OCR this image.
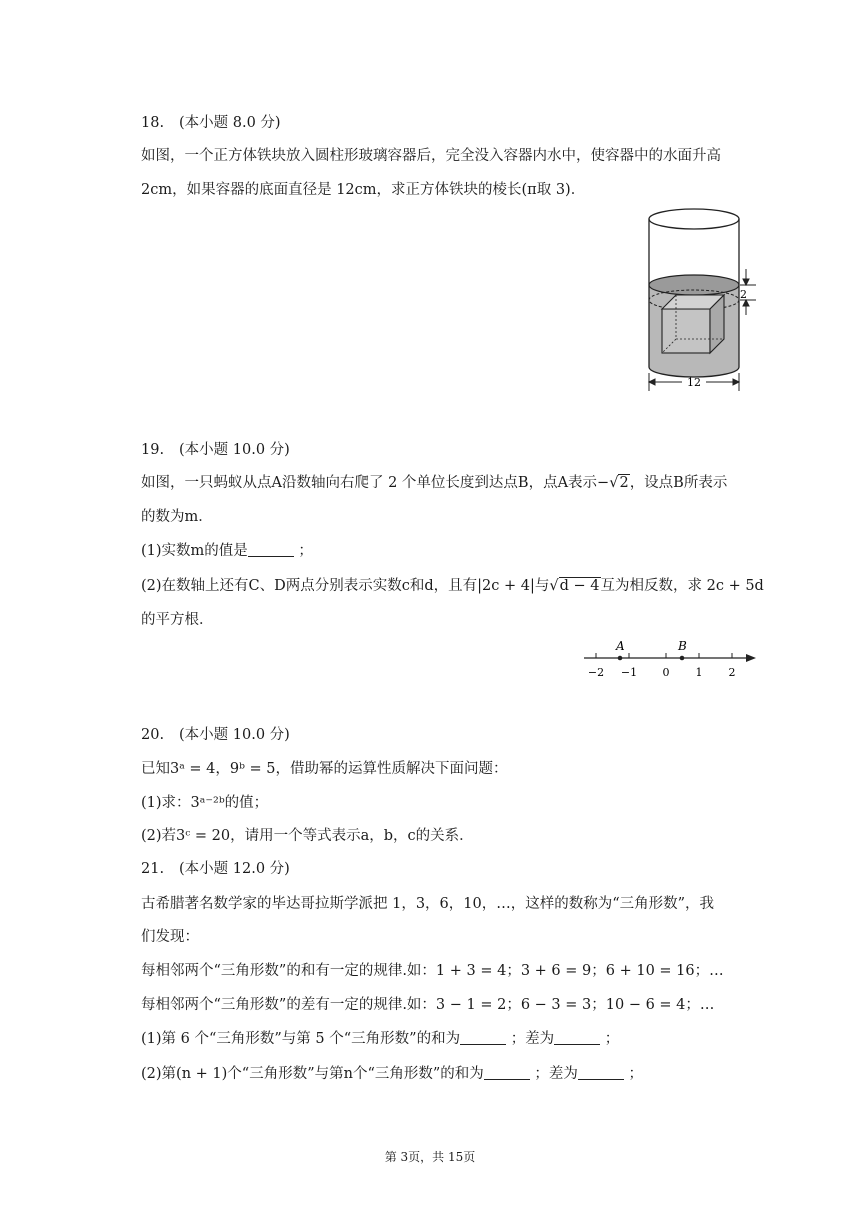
18. (本小题 8.0 分)
如图，一个正方体铁块放入圆柱形玻璃容器后，完全没入容器内水中，使容器中的水面升高
2cm，如果容器的底面直径是 12cm，求正方体铁块的棱长(π取 3)．
2
12
19. (本小题 10.0 分)
如图，一只蚂蚁从点A沿数轴向右爬了 2 个单位长度到达点B，点A表示−√2，设点B所表示
的数为m．
(1)实数m的值是	；
(2)在数轴上还有C、D两点分别表示实数c和d，且有|2c + 4|与√d − 4互为相反数，求 2c + 5d
的平方根．
A	B
−2 −1 0 1 2
20. (本小题 10.0 分)
已知3ᵃ = 4，9ᵇ = 5，借助幂的运算性质解决下面问题：
(1)求：3ᵃ⁻²ᵇ的值；
(2)若3ᶜ = 20，请用一个等式表示a，b，c的关系．
21. (本小题 12.0 分)
古希腊著名数学家的毕达哥拉斯学派把 1，3，6，10，…，这样的数称为“三角形数”，我
们发现：
每相邻两个“三角形数”的和有一定的规律.如：1 + 3 = 4；3 + 6 = 9；6 + 10 = 16；…
每相邻两个“三角形数”的差有一定的规律.如：3 − 1 = 2；6 − 3 = 3；10 − 6 = 4；…
(1)第 6 个“三角形数”与第 5 个“三角形数”的和为	；差为	；
(2)第(n + 1)个“三角形数”与第n个“三角形数”的和为	；差为	；
第 3页，共 15页
